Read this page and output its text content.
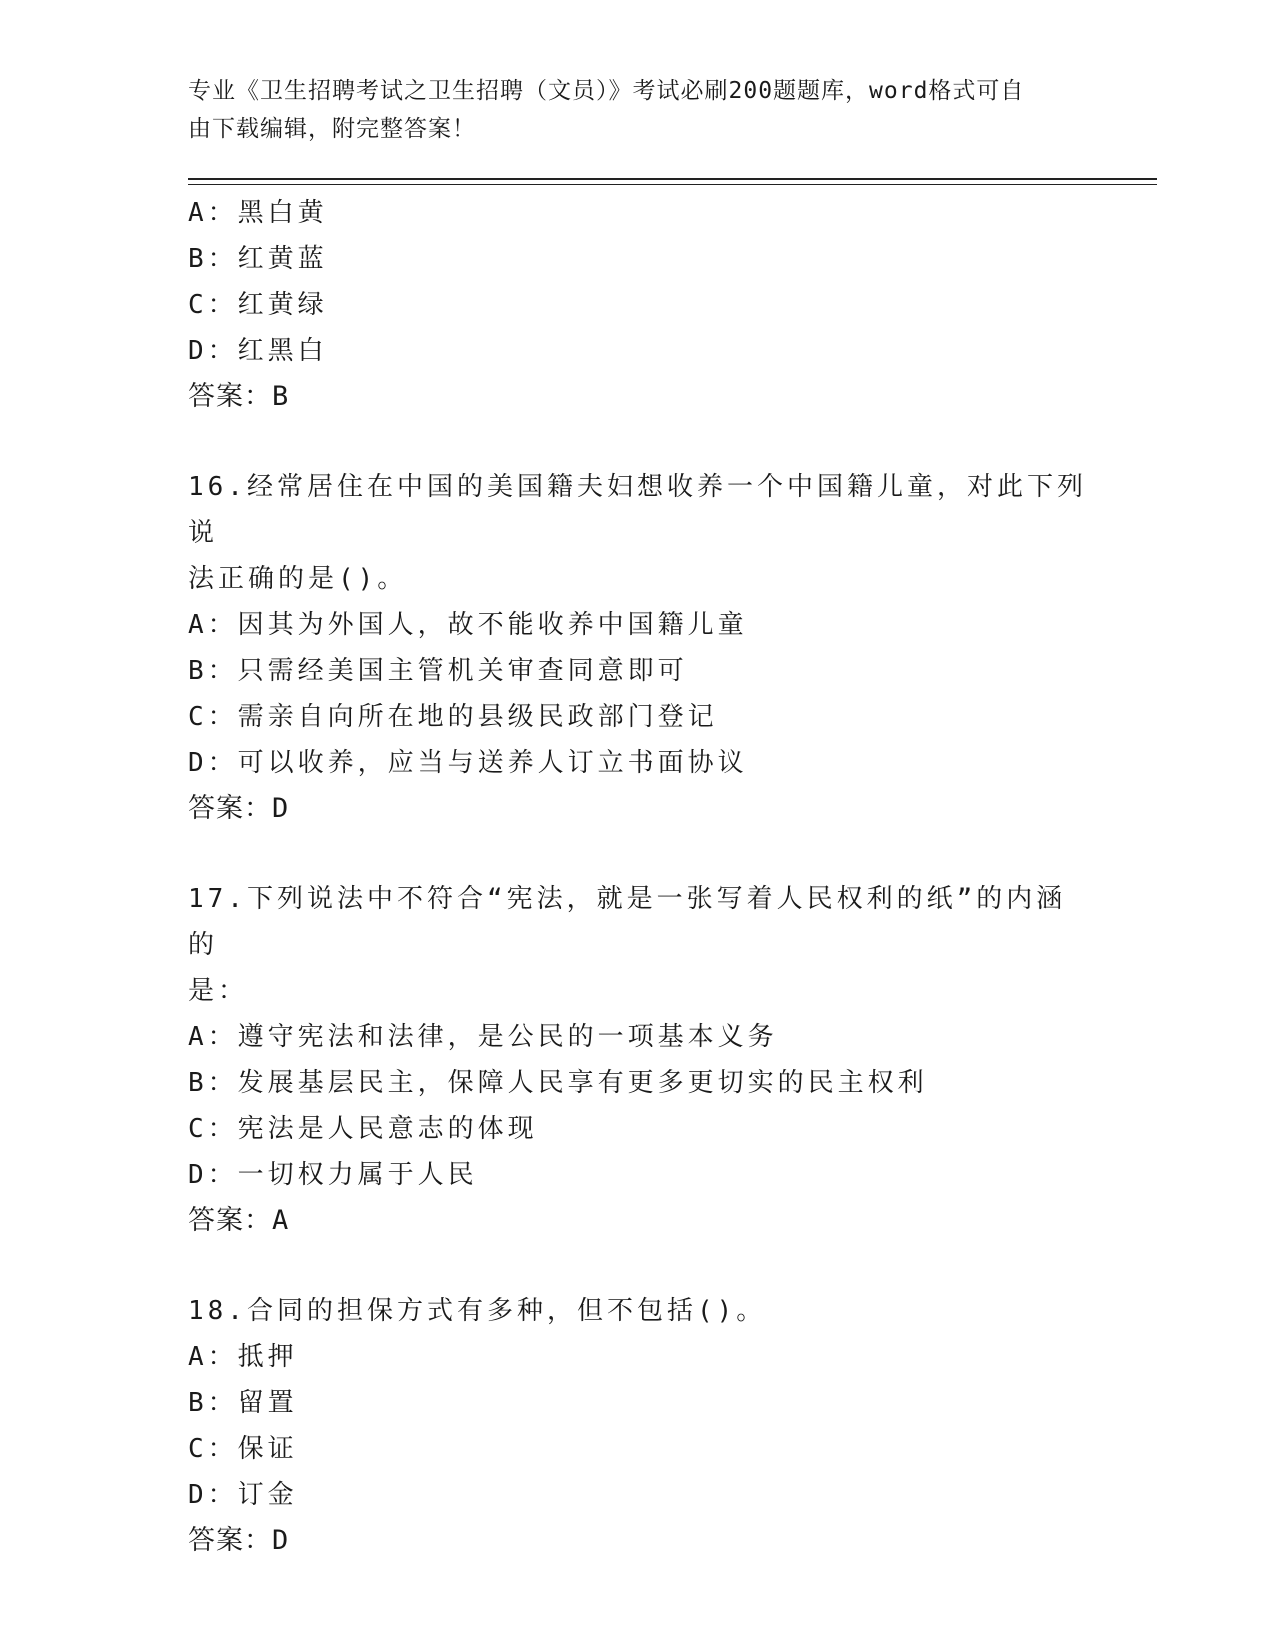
专业《卫生招聘考试之卫生招聘（文员）》考试必刷200题题库，word格式可自
由下载编辑，附完整答案！
A：黑白黄
B：红黄蓝
C：红黄绿
D：红黑白
答案：B
16.经常居住在中国的美国籍夫妇想收养一个中国籍儿童，对此下列说
法正确的是()。
A：因其为外国人，故不能收养中国籍儿童
B：只需经美国主管机关审查同意即可
C：需亲自向所在地的县级民政部门登记
D：可以收养，应当与送养人订立书面协议
答案：D
17.下列说法中不符合“宪法，就是一张写着人民权利的纸”的内涵的
是：
A：遵守宪法和法律，是公民的一项基本义务
B：发展基层民主，保障人民享有更多更切实的民主权利
C：宪法是人民意志的体现
D：一切权力属于人民
答案：A
18.合同的担保方式有多种，但不包括()。
A：抵押
B：留置
C：保证
D：订金
答案：D
